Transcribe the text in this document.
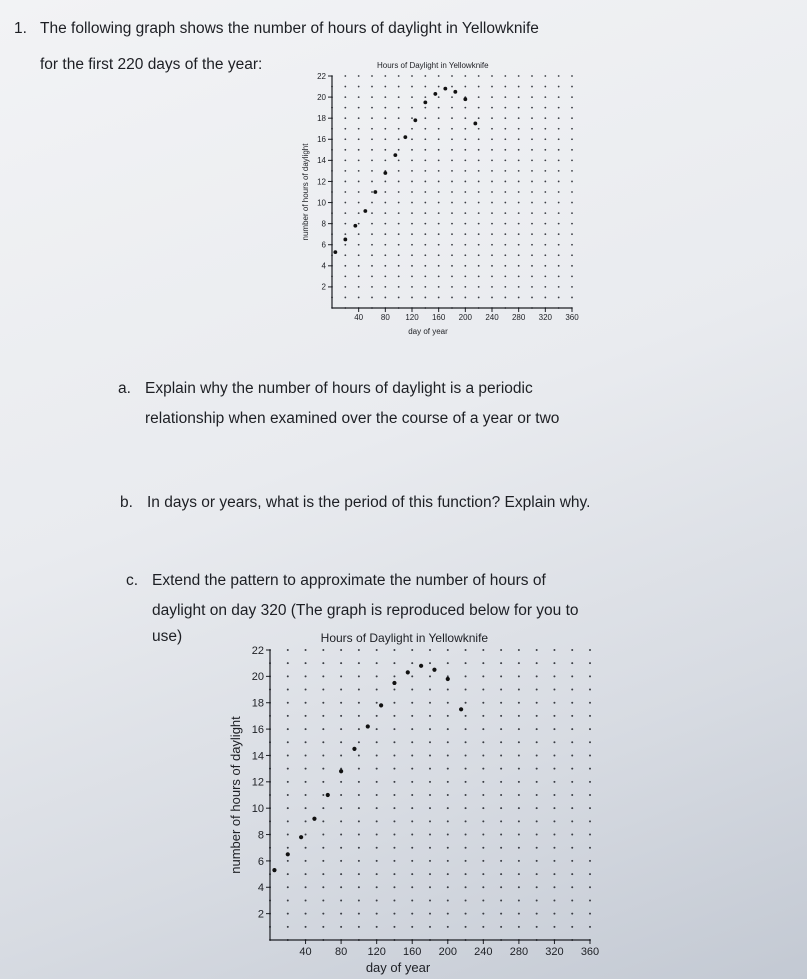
1. The following graph shows the number of hours of daylight in Yellowknife
for the first 220 days of the year:	Hours of Daylight in Yellowknife
2
4
6
8
10
12
14
16
18
20
22
40 80 120 160 200 240 280 320 360
day of year
number of hours of daylight
a. Explain why the number of hours of daylight is a periodic
relationship when examined over the course of a year or two
b. In days or years, what is the period of this function? Explain why.
c. Extend the pattern to approximate the number of hours of
daylight on day 320 (The graph is reproduced below for you to
use)	Hours of Daylight in Yellowknife
2
4
6
8
10
12
14
16
18
20
22
40 80 120 160 200 240 280 320 360
day of year
number of hours of daylight
